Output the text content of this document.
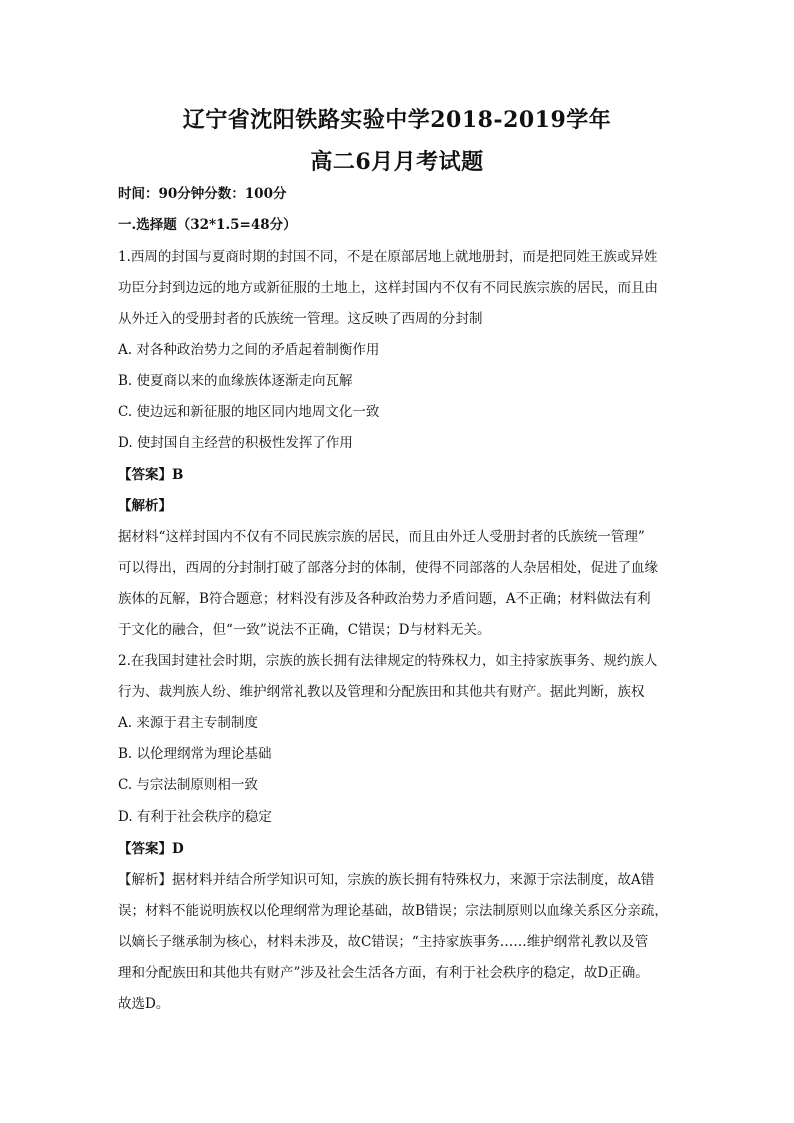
辽宁省沈阳铁路实验中学2018-2019学年
高二6月月考试题
时间：90分钟分数：100分
一.选择题（32*1.5=48分）
1.西周的封国与夏商时期的封国不同，不是在原部居地上就地册封，而是把同姓王族或异姓
功臣分封到边远的地方或新征服的土地上，这样封国内不仅有不同民族宗族的居民，而且由
从外迁入的受册封者的氏族统一管理。这反映了西周的分封制
A. 对各种政治势力之间的矛盾起着制衡作用
B. 使夏商以来的血缘族体逐渐走向瓦解
C. 使边远和新征服的地区同内地周文化一致
D. 使封国自主经营的积极性发挥了作用
【答案】B
【解析】
据材料“这样封国内不仅有不同民族宗族的居民，而且由外迁人受册封者的氏族统一管理”
可以得出，西周的分封制打破了部落分封的体制，使得不同部落的人杂居相处，促进了血缘
族体的瓦解，B符合题意；材料没有涉及各种政治势力矛盾问题，A不正确；材料做法有利
于文化的融合，但“一致”说法不正确，C错误；D与材料无关。
2.在我国封建社会时期，宗族的族长拥有法律规定的特殊权力，如主持家族事务、规约族人
行为、裁判族人纷、维护纲常礼教以及管理和分配族田和其他共有财产。据此判断，族权
A. 来源于君主专制制度
B. 以伦理纲常为理论基础
C. 与宗法制原则相一致
D. 有利于社会秩序的稳定
【答案】D
【解析】据材料并结合所学知识可知，宗族的族长拥有特殊权力，来源于宗法制度，故A错
误；材料不能说明族权以伦理纲常为理论基础，故B错误；宗法制原则以血缘关系区分亲疏，
以嫡长子继承制为核心，材料未涉及，故C错误；“主持家族事务……维护纲常礼教以及管
理和分配族田和其他共有财产”涉及社会生活各方面，有利于社会秩序的稳定，故D正确。
故选D。
